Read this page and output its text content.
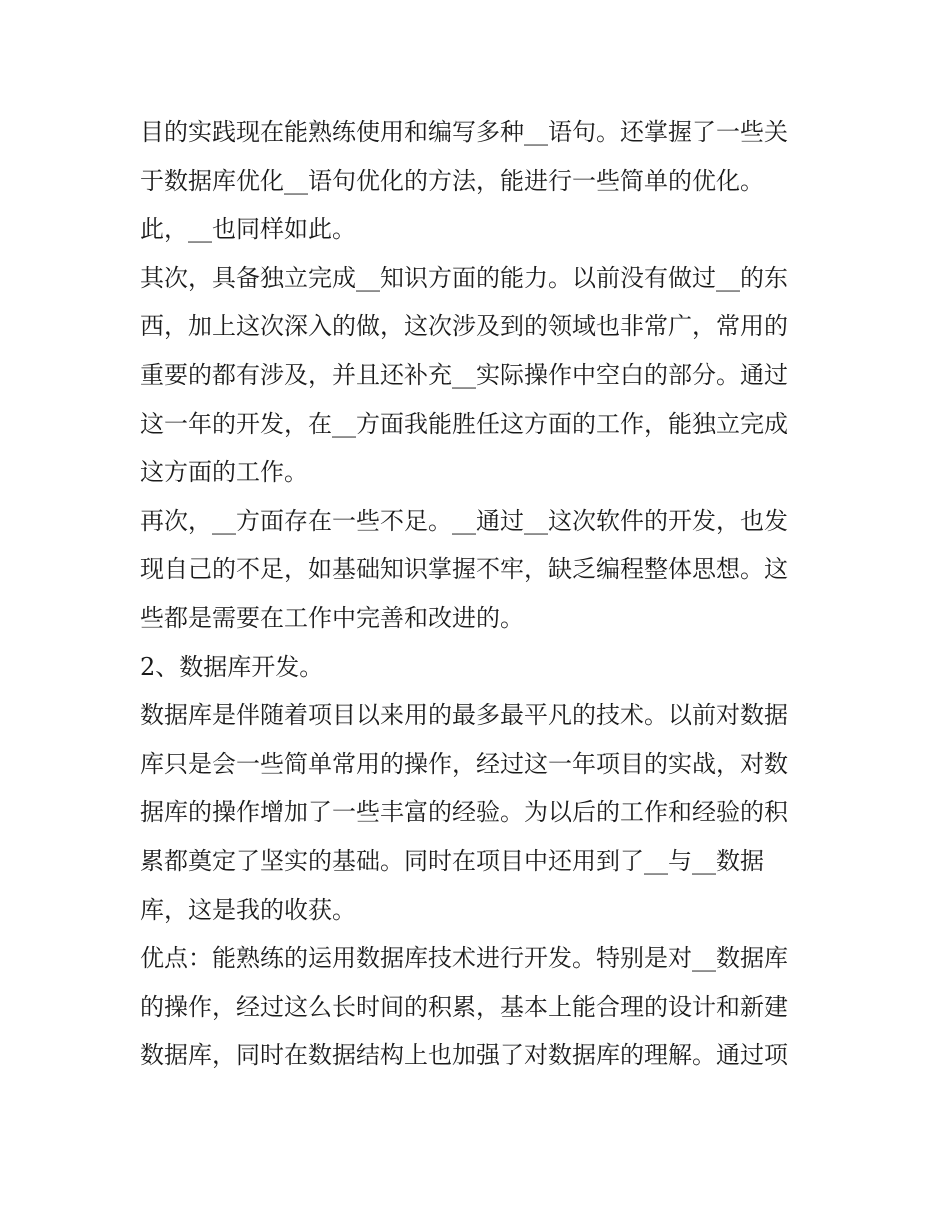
目的实践现在能熟练使用和编写多种__语句。还掌握了一些关
于数据库优化__语句优化的方法，能进行一些简单的优化。
此，__也同样如此。
其次，具备独立完成__知识方面的能力。以前没有做过__的东
西，加上这次深入的做，这次涉及到的领域也非常广，常用的
重要的都有涉及，并且还补充__实际操作中空白的部分。通过
这一年的开发，在__方面我能胜任这方面的工作，能独立完成
这方面的工作。
再次，__方面存在一些不足。__通过__这次软件的开发，也发
现自己的不足，如基础知识掌握不牢，缺乏编程整体思想。这
些都是需要在工作中完善和改进的。
2、数据库开发。
数据库是伴随着项目以来用的最多最平凡的技术。以前对数据
库只是会一些简单常用的操作，经过这一年项目的实战，对数
据库的操作增加了一些丰富的经验。为以后的工作和经验的积
累都奠定了坚实的基础。同时在项目中还用到了__与__数据
库，这是我的收获。
优点：能熟练的运用数据库技术进行开发。特别是对__数据库
的操作，经过这么长时间的积累，基本上能合理的设计和新建
数据库，同时在数据结构上也加强了对数据库的理解。通过项
